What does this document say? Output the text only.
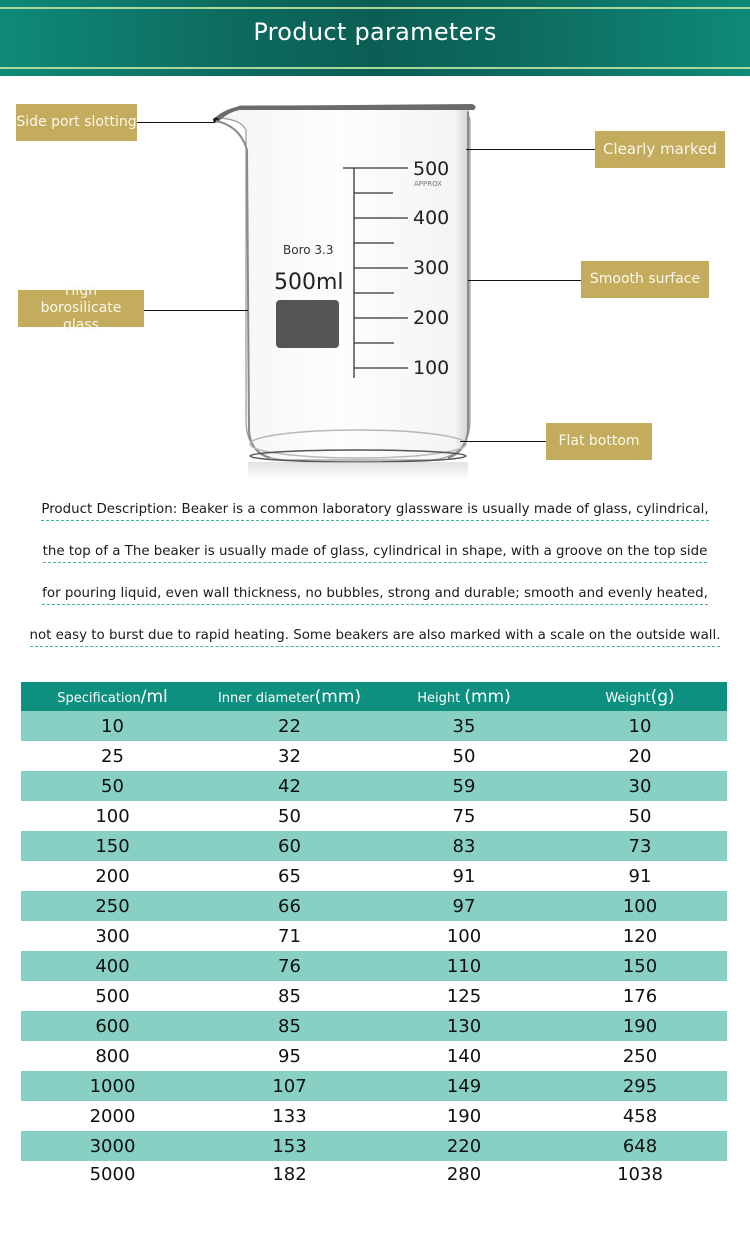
Product parameters
500
APPROX
400
300
200
100
Boro 3.3
500ml
Side port slotting
High borosilicate glass
Clearly marked
Smooth surface
Flat bottom
Product Description: Beaker is a common laboratory glassware is usually made of glass, cylindrical,
the top of a The beaker is usually made of glass, cylindrical in shape, with a groove on the top side
for pouring liquid, even wall thickness, no bubbles, strong and durable; smooth and evenly heated,
not easy to burst due to rapid heating. Some beakers are also marked with a scale on the outside wall.
Specification/ml	Inner diameter(mm)	Height (mm)	Weight(g)
10	22	35	10
25	32	50	20
50	42	59	30
100	50	75	50
150	60	83	73
200	65	91	91
250	66	97	100
300	71	100	120
400	76	110	150
500	85	125	176
600	85	130	190
800	95	140	250
1000	107	149	295
2000	133	190	458
3000	153	220	648
5000	182	280	1038
